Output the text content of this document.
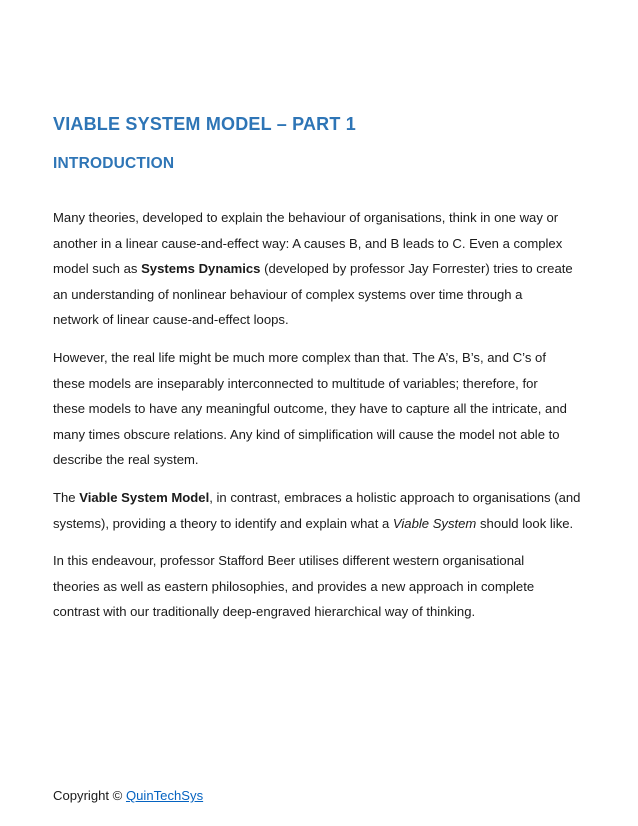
VIABLE SYSTEM MODEL – PART 1
INTRODUCTION

Many theories, developed to explain the behaviour of organisations, think in one way or
another in a linear cause-and-effect way: A causes B, and B leads to C. Even a complex
model such as Systems Dynamics (developed by professor Jay Forrester) tries to create
an understanding of nonlinear behaviour of complex systems over time through a
network of linear cause-and-effect loops.

However, the real life might be much more complex than that. The A’s, B’s, and C’s of
these models are inseparably interconnected to multitude of variables; therefore, for
these models to have any meaningful outcome, they have to capture all the intricate, and
many times obscure relations. Any kind of simplification will cause the model not able to
describe the real system.

The Viable System Model, in contrast, embraces a holistic approach to organisations (and
systems), providing a theory to identify and explain what a Viable System should look like.

In this endeavour, professor Stafford Beer utilises different western organisational
theories as well as eastern philosophies, and provides a new approach in complete
contrast with our traditionally deep-engraved hierarchical way of thinking.

Copyright © QuinTechSys
